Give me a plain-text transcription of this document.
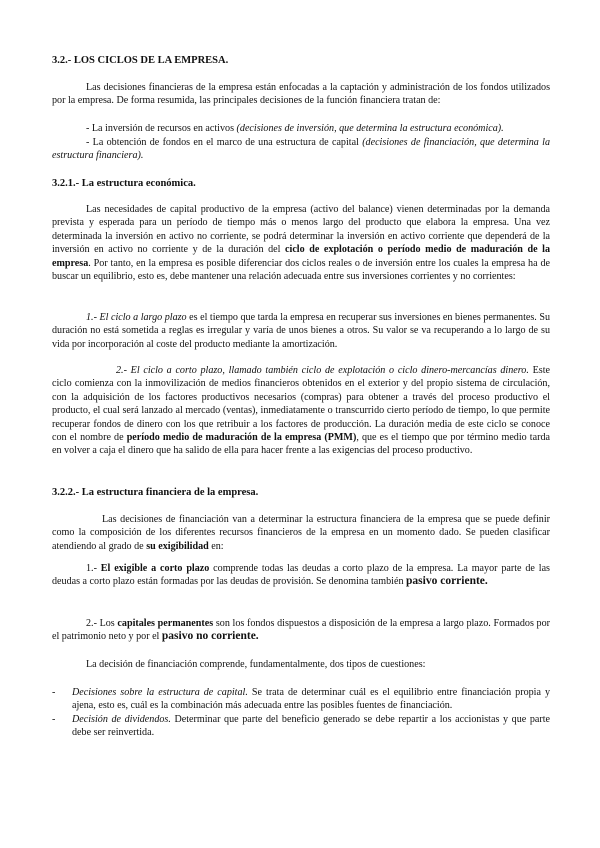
3.2.- LOS CICLOS DE LA EMPRESA.

Las decisiones financieras de la empresa están enfocadas a la captación y administración de los fondos utilizados por la empresa. De forma resumida, las principales decisiones de la función financiera tratan de:

- La inversión de recursos en activos (decisiones de inversión, que determina la estructura económica).

- La obtención de fondos en el marco de una estructura de capital (decisiones de financiación, que determina la estructura financiera).

3.2.1.- La estructura económica.

Las necesidades de capital productivo de la empresa (activo del balance) vienen determinadas por la demanda prevista y esperada para un período de tiempo más o menos largo del producto que elabora la empresa. Una vez determinada la inversión en activo no corriente, se podrá determinar la inversión en activo corriente que dependerá de la inversión en activo no corriente y de la duración del ciclo de explotación o período medio de maduración de la empresa. Por tanto, en la empresa es posible diferenciar dos ciclos reales o de inversión entre los cuales la empresa ha de buscar un equilibrio, esto es, debe mantener una relación adecuada entre sus inversiones corrientes y no corrientes:

1.- El ciclo a largo plazo es el tiempo que tarda la empresa en recuperar sus inversiones en bienes permanentes. Su duración no está sometida a reglas es irregular y varía de unos bienes a otros. Su valor se va recuperando a lo largo de su vida por incorporación al coste del producto mediante la amortización.

2.- El ciclo a corto plazo, llamado también ciclo de explotación o ciclo dinero-mercancías dinero. Este ciclo comienza con la inmovilización de medios financieros obtenidos en el exterior y del propio sistema de circulación, con la adquisición de los factores productivos necesarios (compras) para obtener a través del proceso productivo el producto, el cual será lanzado al mercado (ventas), inmediatamente o transcurrido cierto período de tiempo, lo que permite recuperar fondos de dinero con los que retribuir a los factores de producción. La duración media de este ciclo se conoce con el nombre de período medio de maduración de la empresa (PMM), que es el tiempo que por término medio tarda en volver a caja el dinero que ha salido de ella para hacer frente a las exigencias del proceso productivo.

3.2.2.- La estructura financiera de la empresa.

Las decisiones de financiación van a determinar la estructura financiera de la empresa que se puede definir como la composición de los diferentes recursos financieros de la empresa en un momento dado. Se pueden clasificar atendiendo al grado de su exigibilidad en:

1.- El exigible a corto plazo comprende todas las deudas a corto plazo de la empresa. La mayor parte de las deudas a corto plazo están formadas por las deudas de provisión. Se denomina también pasivo corriente.

2.- Los capitales permanentes son los fondos dispuestos a disposición de la empresa a largo plazo. Formados por el patrimonio neto y por el pasivo no corriente.

La decisión de financiación comprende, fundamentalmente, dos tipos de cuestiones:

-	Decisiones sobre la estructura de capital. Se trata de determinar cuál es el equilibrio entre financiación propia y ajena, esto es, cuál es la combinación más adecuada entre las posibles fuentes de financiación.

-	Decisión de dividendos. Determinar que parte del beneficio generado se debe repartir a los accionistas y que parte debe ser reinvertida.
